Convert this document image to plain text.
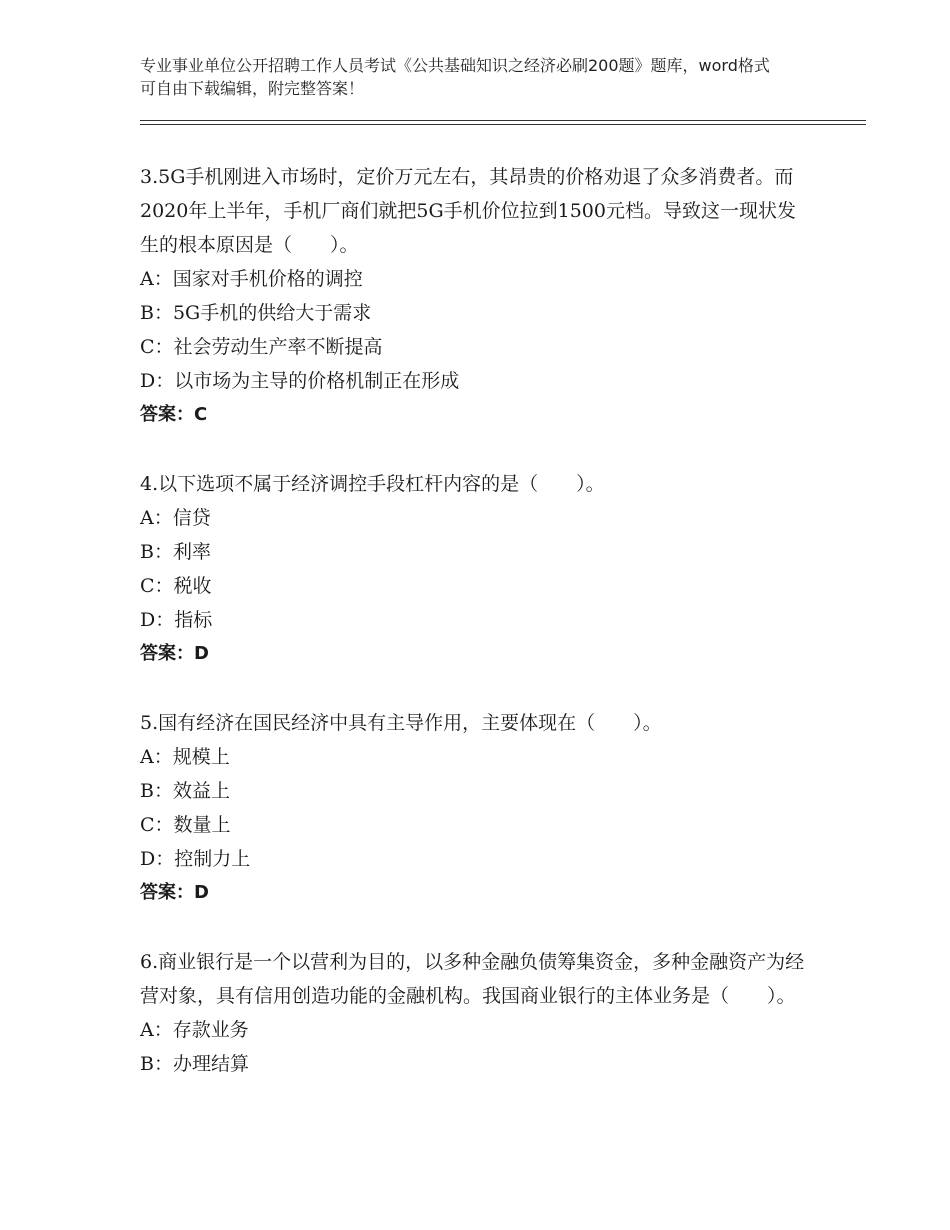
专业事业单位公开招聘工作人员考试《公共基础知识之经济必刷200题》题库，word格式可自由下载编辑，附完整答案！

3.5G手机刚进入市场时，定价万元左右，其昂贵的价格劝退了众多消费者。而2020年上半年，手机厂商们就把5G手机价位拉到1500元档。导致这一现状发生的根本原因是（　　）。

A：国家对手机价格的调控

B：5G手机的供给大于需求

C：社会劳动生产率不断提高

D：以市场为主导的价格机制正在形成

答案：C

4.以下选项不属于经济调控手段杠杆内容的是（　　）。

A：信贷

B：利率

C：税收

D：指标

答案：D

5.国有经济在国民经济中具有主导作用，主要体现在（　　）。

A：规模上

B：效益上

C：数量上

D：控制力上

答案：D

6.商业银行是一个以营利为目的，以多种金融负债筹集资金，多种金融资产为经营对象，具有信用创造功能的金融机构。我国商业银行的主体业务是（　　）。

A：存款业务

B：办理结算
